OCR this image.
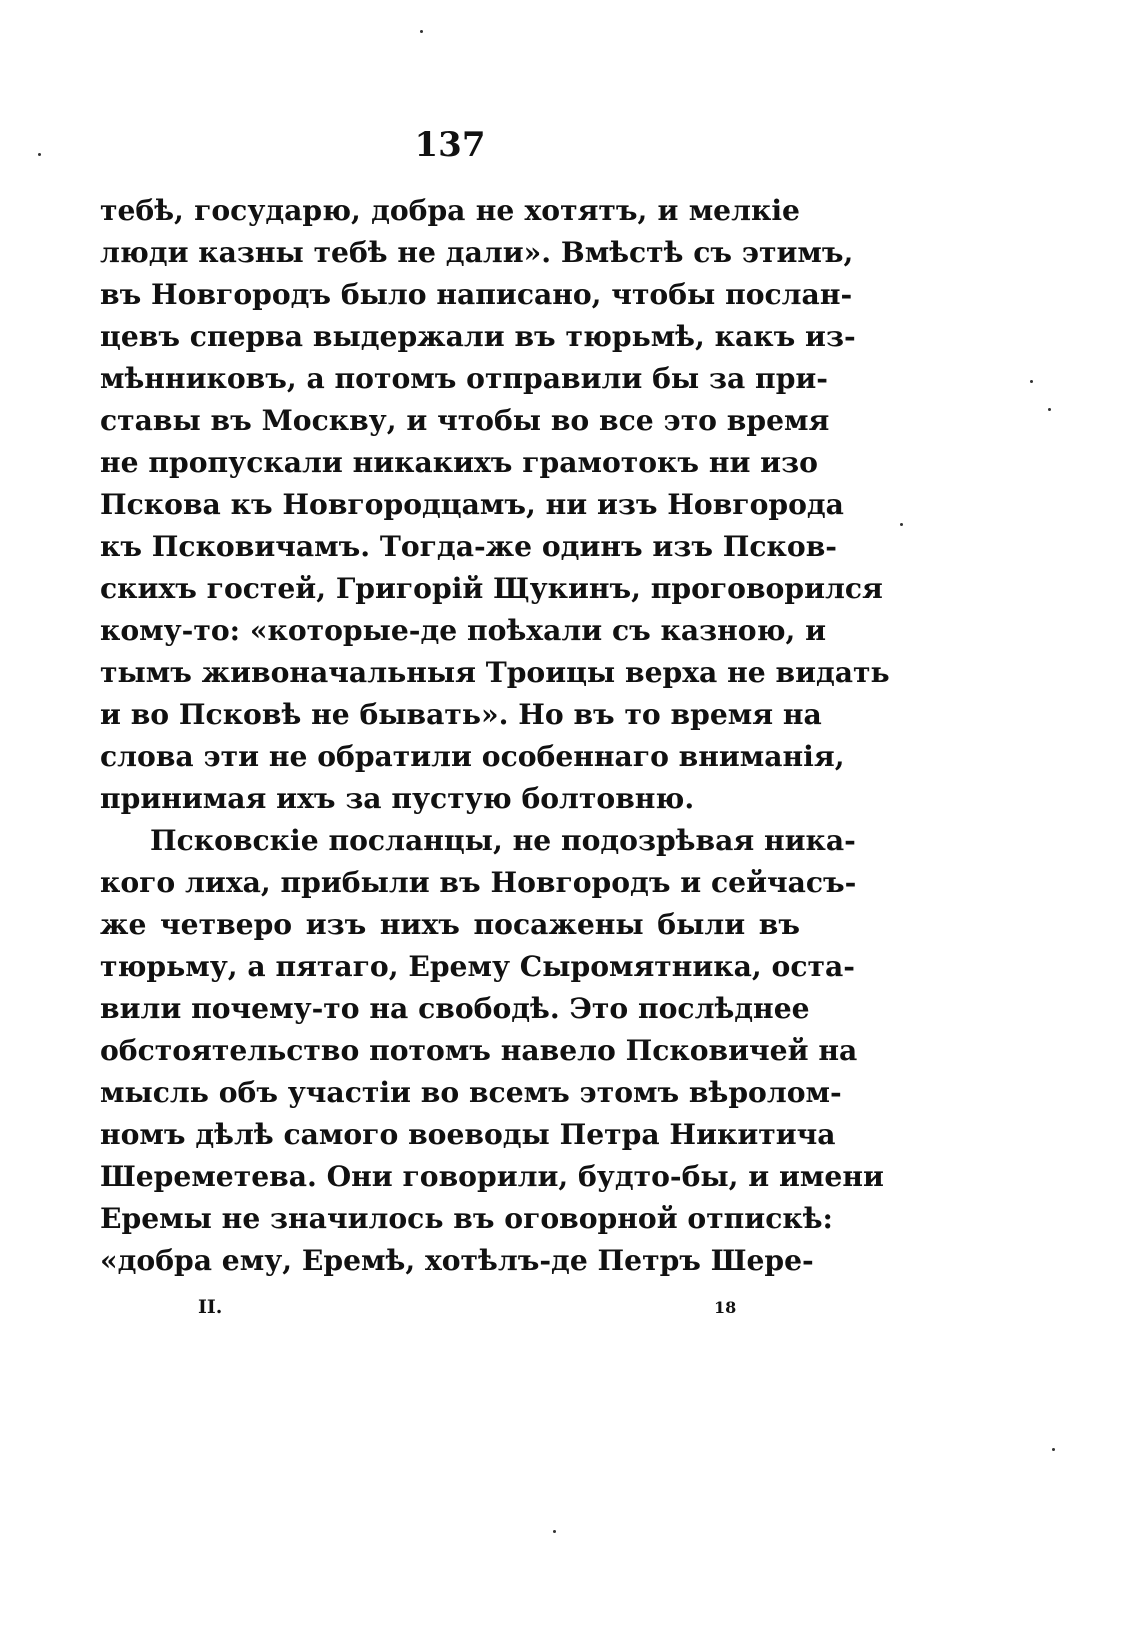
137
тебѣ, государю, добра не хотятъ, и мелкіе
люди казны тебѣ не дали». Вмѣстѣ съ этимъ,
въ Новгородъ было написано, чтобы послан-
цевъ сперва выдержали въ тюрьмѣ, какъ из-
мѣнниковъ, а потомъ отправили бы за при-
ставы въ Москву, и чтобы во все это время
не пропускали никакихъ грамотокъ ни изо
Пскова къ Новгородцамъ, ни изъ Новгорода
къ Псковичамъ. Тогда-же одинъ изъ Псков-
скихъ гостей, Григорій Щукинъ, проговорился
кому-то: «которые-де поѣхали съ казною, и
тымъ живоначальныя Троицы верха не видать
и во Псковѣ не бывать». Но въ то время на
слова эти не обратили особеннаго вниманія,
принимая ихъ за пустую болтовню.
Псковскіе посланцы, не подозрѣвая ника-
кого лиха, прибыли въ Новгородъ и сейчасъ-
же четверо изъ нихъ посажены были въ
тюрьму, а пятаго, Ерему Сыромятника, оста-
вили почему-то на свободѣ. Это послѣднее
обстоятельство потомъ навело Псковичей на
мысль объ участіи во всемъ этомъ вѣролом-
номъ дѣлѣ самого воеводы Петра Никитича
Шереметева. Они говорили, будто-бы, и имени
Еремы не значилось въ оговорной отпискѣ:
«добра ему, Еремѣ, хотѣлъ-де Петръ Шере-
II.	18
